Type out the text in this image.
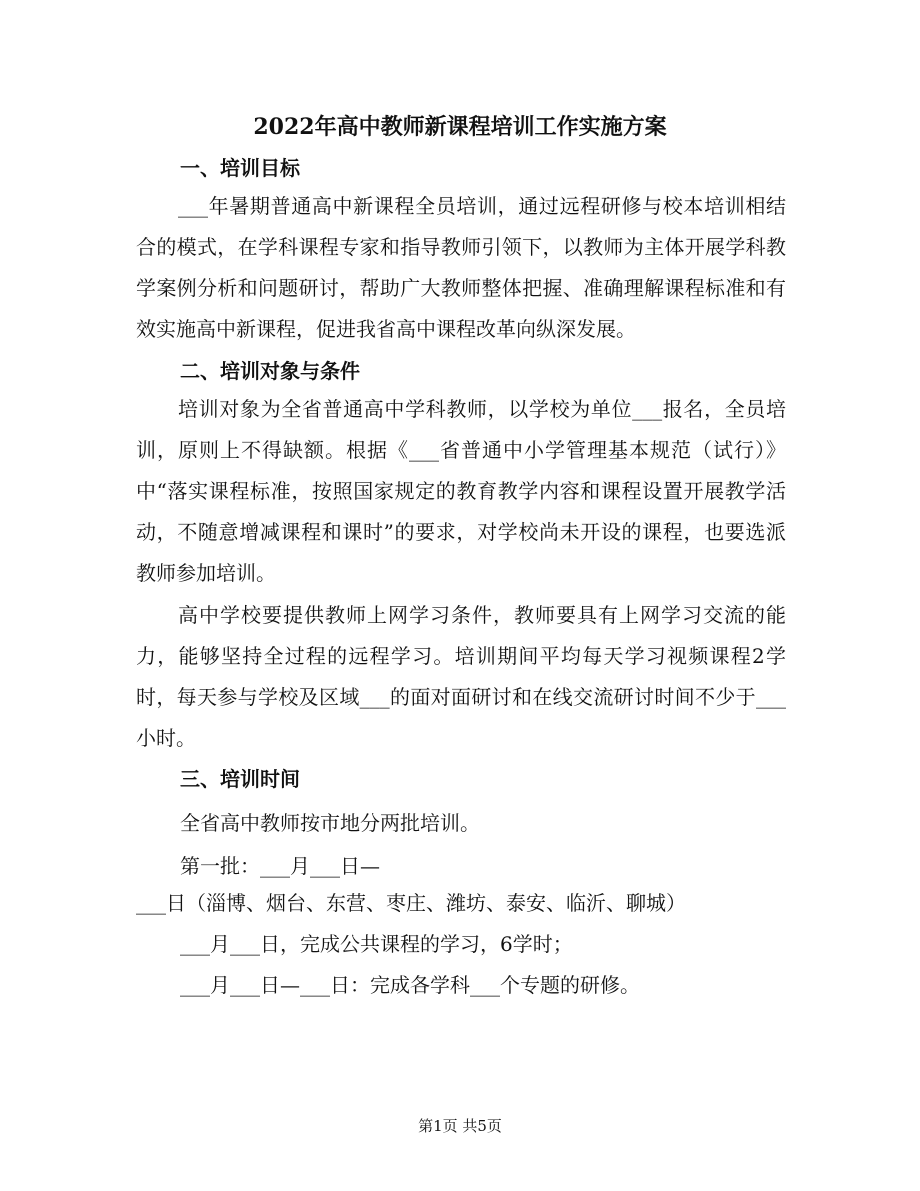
2022年高中教师新课程培训工作实施方案
一、培训目标

___年暑期普通高中新课程全员培训，通过远程研修与校本培训相结合的模式，在学科课程专家和指导教师引领下，以教师为主体开展学科教学案例分析和问题研讨，帮助广大教师整体把握、准确理解课程标准和有效实施高中新课程，促进我省高中课程改革向纵深发展。

二、培训对象与条件

培训对象为全省普通高中学科教师，以学校为单位___报名，全员培训，原则上不得缺额。根据《___省普通中小学管理基本规范（试行）》中“落实课程标准，按照国家规定的教育教学内容和课程设置开展教学活动，不随意增减课程和课时”的要求，对学校尚未开设的课程，也要选派教师参加培训。

高中学校要提供教师上网学习条件，教师要具有上网学习交流的能力，能够坚持全过程的远程学习。培训期间平均每天学习视频课程2学时，每天参与学校及区域___的面对面研讨和在线交流研讨时间不少于___小时。

三、培训时间
全省高中教师按市地分两批培训。
第一批：___月___日—
___日（淄博、烟台、东营、枣庄、潍坊、泰安、临沂、聊城）
___月___日，完成公共课程的学习，6学时；
___月___日—___日：完成各学科___个专题的研修。
第1页 共5页
